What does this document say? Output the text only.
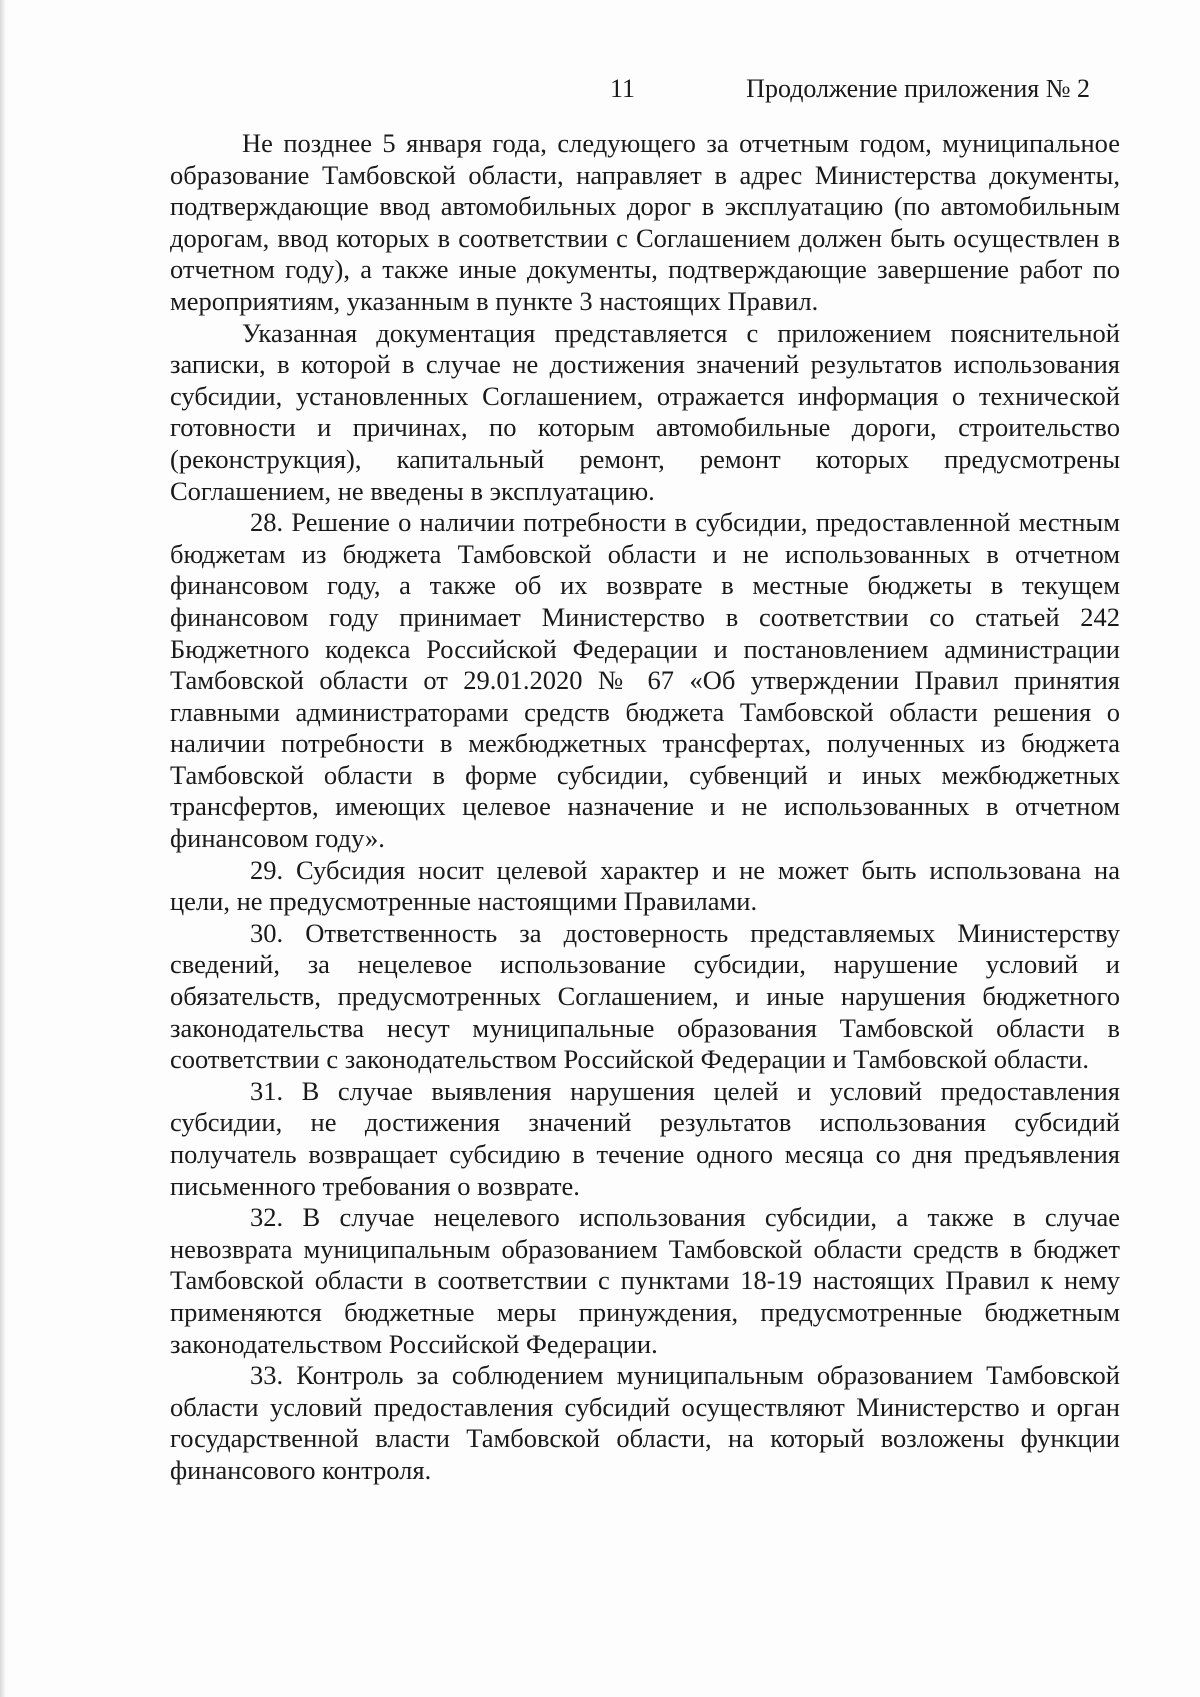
11	Продолжение приложения № 2

Не позднее 5 января года, следующего за отчетным годом, муниципальное образование Тамбовской области, направляет в адрес Министерства документы, подтверждающие ввод автомобильных дорог в эксплуатацию (по автомобильным дорогам, ввод которых в соответствии с Соглашением должен быть осуществлен в отчетном году), а также иные документы, подтверждающие завершение работ по мероприятиям, указанным в пункте 3 настоящих Правил.

Указанная документация представляется с приложением пояснительной записки, в которой в случае не достижения значений результатов использования субсидии, установленных Соглашением, отражается информация о технической готовности и причинах, по которым автомобильные дороги, строительство (реконструкция), капитальный ремонт, ремонт которых предусмотрены Соглашением, не введены в эксплуатацию.

28. Решение о наличии потребности в субсидии, предоставленной местным бюджетам из бюджета Тамбовской области и не использованных в отчетном финансовом году, а также об их возврате в местные бюджеты в текущем финансовом году принимает Министерство в соответствии со статьей 242 Бюджетного кодекса Российской Федерации и постановлением администрации Тамбовской области от 29.01.2020 № 67 «Об утверждении Правил принятия главными администраторами средств бюджета Тамбовской области решения о наличии потребности в межбюджетных трансфертах, полученных из бюджета Тамбовской области в форме субсидии, субвенций и иных межбюджетных трансфертов, имеющих целевое назначение и не использованных в отчетном финансовом году».

29. Субсидия носит целевой характер и не может быть использована на цели, не предусмотренные настоящими Правилами.

30. Ответственность за достоверность представляемых Министерству сведений, за нецелевое использование субсидии, нарушение условий и обязательств, предусмотренных Соглашением, и иные нарушения бюджетного законодательства несут муниципальные образования Тамбовской области в соответствии с законодательством Российской Федерации и Тамбовской области.

31. В случае выявления нарушения целей и условий предоставления субсидии, не достижения значений результатов использования субсидий получатель возвращает субсидию в течение одного месяца со дня предъявления письменного требования о возврате.

32. В случае нецелевого использования субсидии, а также в случае невозврата муниципальным образованием Тамбовской области средств в бюджет Тамбовской области в соответствии с пунктами 18-19 настоящих Правил к нему применяются бюджетные меры принуждения, предусмотренные бюджетным законодательством Российской Федерации.

33. Контроль за соблюдением муниципальным образованием Тамбовской области условий предоставления субсидий осуществляют Министерство и орган государственной власти Тамбовской области, на который возложены функции финансового контроля.
